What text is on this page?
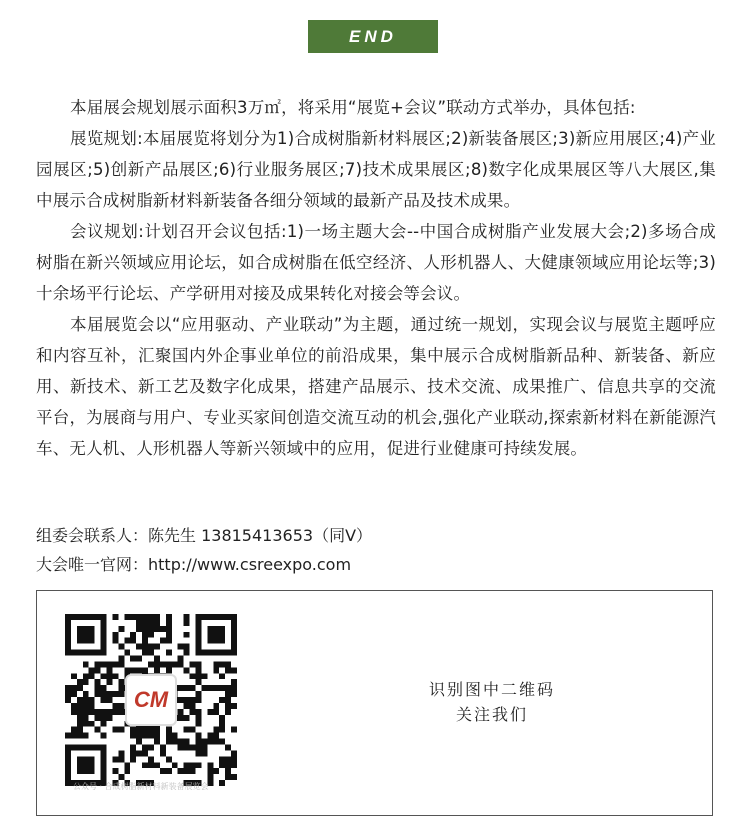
END

本届展会规划展示面积3万㎡，将采用“展览+会议”联动方式举办，具体包括:

展览规划:本届展览将划分为1)合成树脂新材料展区;2)新装备展区;3)新应用展区;4)产业园展区;5)创新产品展区;6)行业服务展区;7)技术成果展区;8)数字化成果展区等八大展区,集中展示合成树脂新材料新装备各细分领域的最新产品及技术成果。

会议规划:计划召开会议包括:1)一场主题大会--中国合成树脂产业发展大会;2)多场合成树脂在新兴领域应用论坛，如合成树脂在低空经济、人形机器人、大健康领域应用论坛等;3)十余场平行论坛、产学研用对接及成果转化对接会等会议。

本届展览会以“应用驱动、产业联动”为主题，通过统一规划，实现会议与展览主题呼应和内容互补，汇聚国内外企事业单位的前沿成果，集中展示合成树脂新品种、新装备、新应用、新技术、新工艺及数字化成果，搭建产品展示、技术交流、成果推广、信息共享的交流平台，为展商与用户、专业买家间创造交流互动的机会,强化产业联动,探索新材料在新能源汽车、无人机、人形机器人等新兴领域中的应用，促进行业健康可持续发展。

组委会联系人：陈先生 13815413653（同V）
大会唯一官网：http://www.csreexpo.com
CM
公众号 · 合成树脂新材料新装备展览会
识别图中二维码
关注我们
